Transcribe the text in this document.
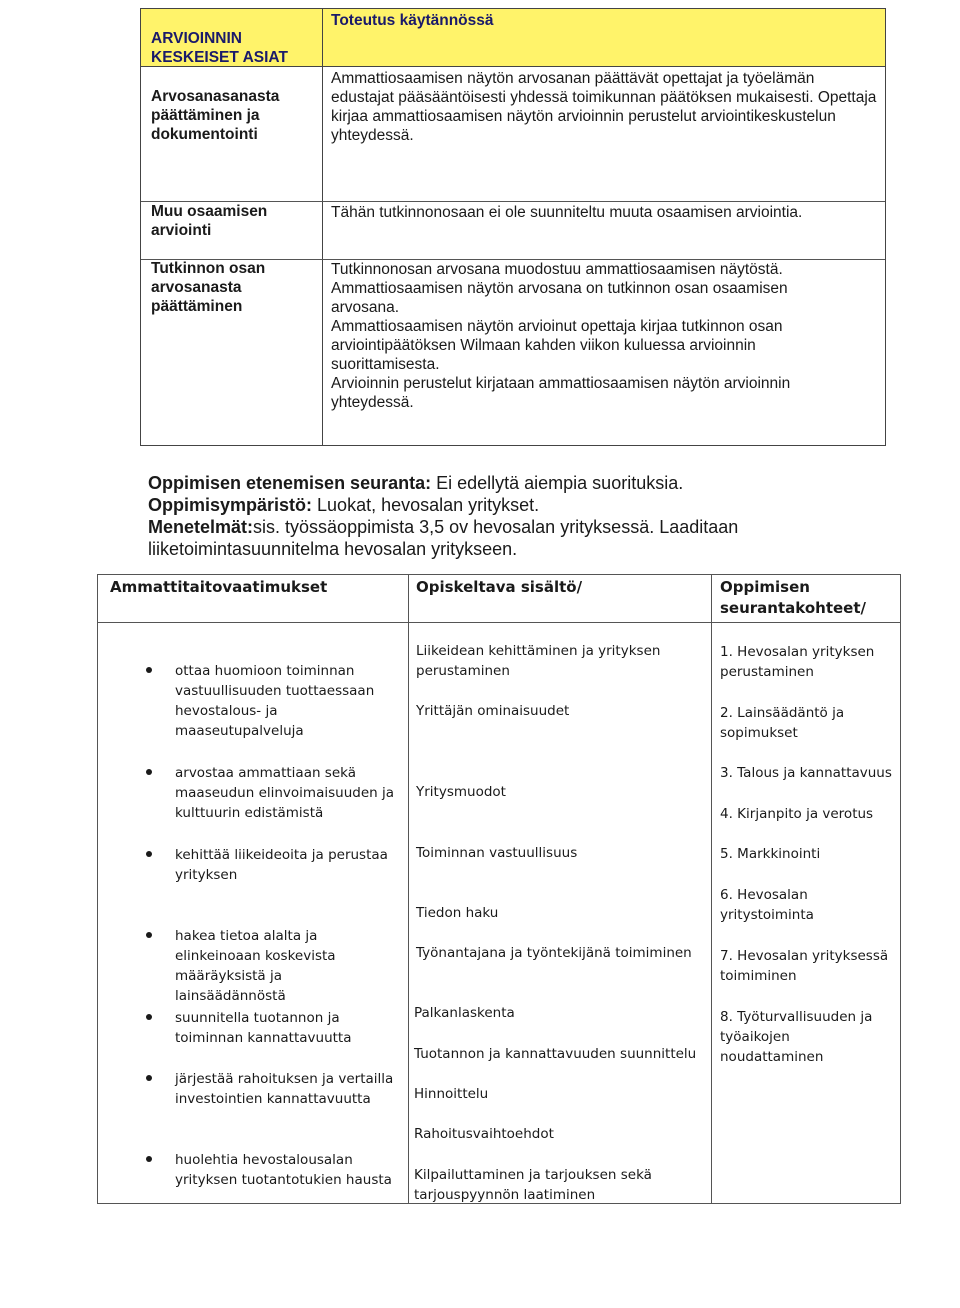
ARVIOINNIN KESKEISET ASIAT
Toteutus käytännössä
Arvosanasanasta päättäminen ja dokumentointi
Ammattiosaamisen näytön arvosanan päättävät opettajat ja työelämän edustajat pääsääntöisesti yhdessä toimikunnan päätöksen mukaisesti. Opettaja kirjaa ammattiosaamisen näytön arvioinnin perustelut arviointikeskustelun yhteydessä.
Muu osaamisen arviointi
Tähän tutkinnonosaan ei ole suunniteltu muuta osaamisen arviointia.
Tutkinnon osan arvosanasta päättäminen
Tutkinnonosan arvosana muodostuu ammattiosaamisen näytöstä.
Ammattiosaamisen näytön arvosana on tutkinnon osan osaamisen arvosana.
Ammattiosaamisen näytön arvioinut opettaja kirjaa tutkinnon osan arviointipäätöksen Wilmaan kahden viikon kuluessa arvioinnin suorittamisesta.
Arvioinnin perustelut kirjataan ammattiosaamisen näytön arvioinnin yhteydessä.
Oppimisen etenemisen seuranta: Ei edellytä aiempia suorituksia.
Oppimisympäristö: Luokat, hevosalan yritykset.
Menetelmät:sis. työssäoppimista 3,5 ov hevosalan yrityksessä. Laaditaan liiketoimintasuunnitelma hevosalan yritykseen.
Ammattitaitovaatimukset	Opiskeltava sisältö/	Oppimisen seurantakohteet/
ottaa huomioon toiminnan vastuullisuuden tuottaessaan hevostalous- ja maaseutupalveluja
arvostaa ammattiaan sekä maaseudun elinvoimaisuuden ja kulttuurin edistämistä
kehittää liikeideoita ja perustaa yrityksen
hakea tietoa alalta ja elinkeinoaan koskevista määräyksistä ja lainsäädännöstä
suunnitella tuotannon ja toiminnan kannattavuutta
järjestää rahoituksen ja vertailla investointien kannattavuutta
huolehtia hevostalousalan yrityksen tuotantotukien hausta
Liikeidean kehittäminen ja yrityksen perustaminen
Yrittäjän ominaisuudet
Yritysmuodot
Toiminnan vastuullisuus
Tiedon haku
Työnantajana ja työntekijänä toimiminen
Palkanlaskenta
Tuotannon ja kannattavuuden suunnittelu
Hinnoittelu
Rahoitusvaihtoehdot
Kilpailuttaminen ja tarjouksen sekä tarjouspyynnön laatiminen
1. Hevosalan yrityksen perustaminen
2. Lainsäädäntö ja sopimukset
3. Talous ja kannattavuus
4. Kirjanpito ja verotus
5. Markkinointi
6. Hevosalan yritystoiminta
7. Hevosalan yrityksessä toimiminen
8. Työturvallisuuden ja työaikojen noudattaminen
